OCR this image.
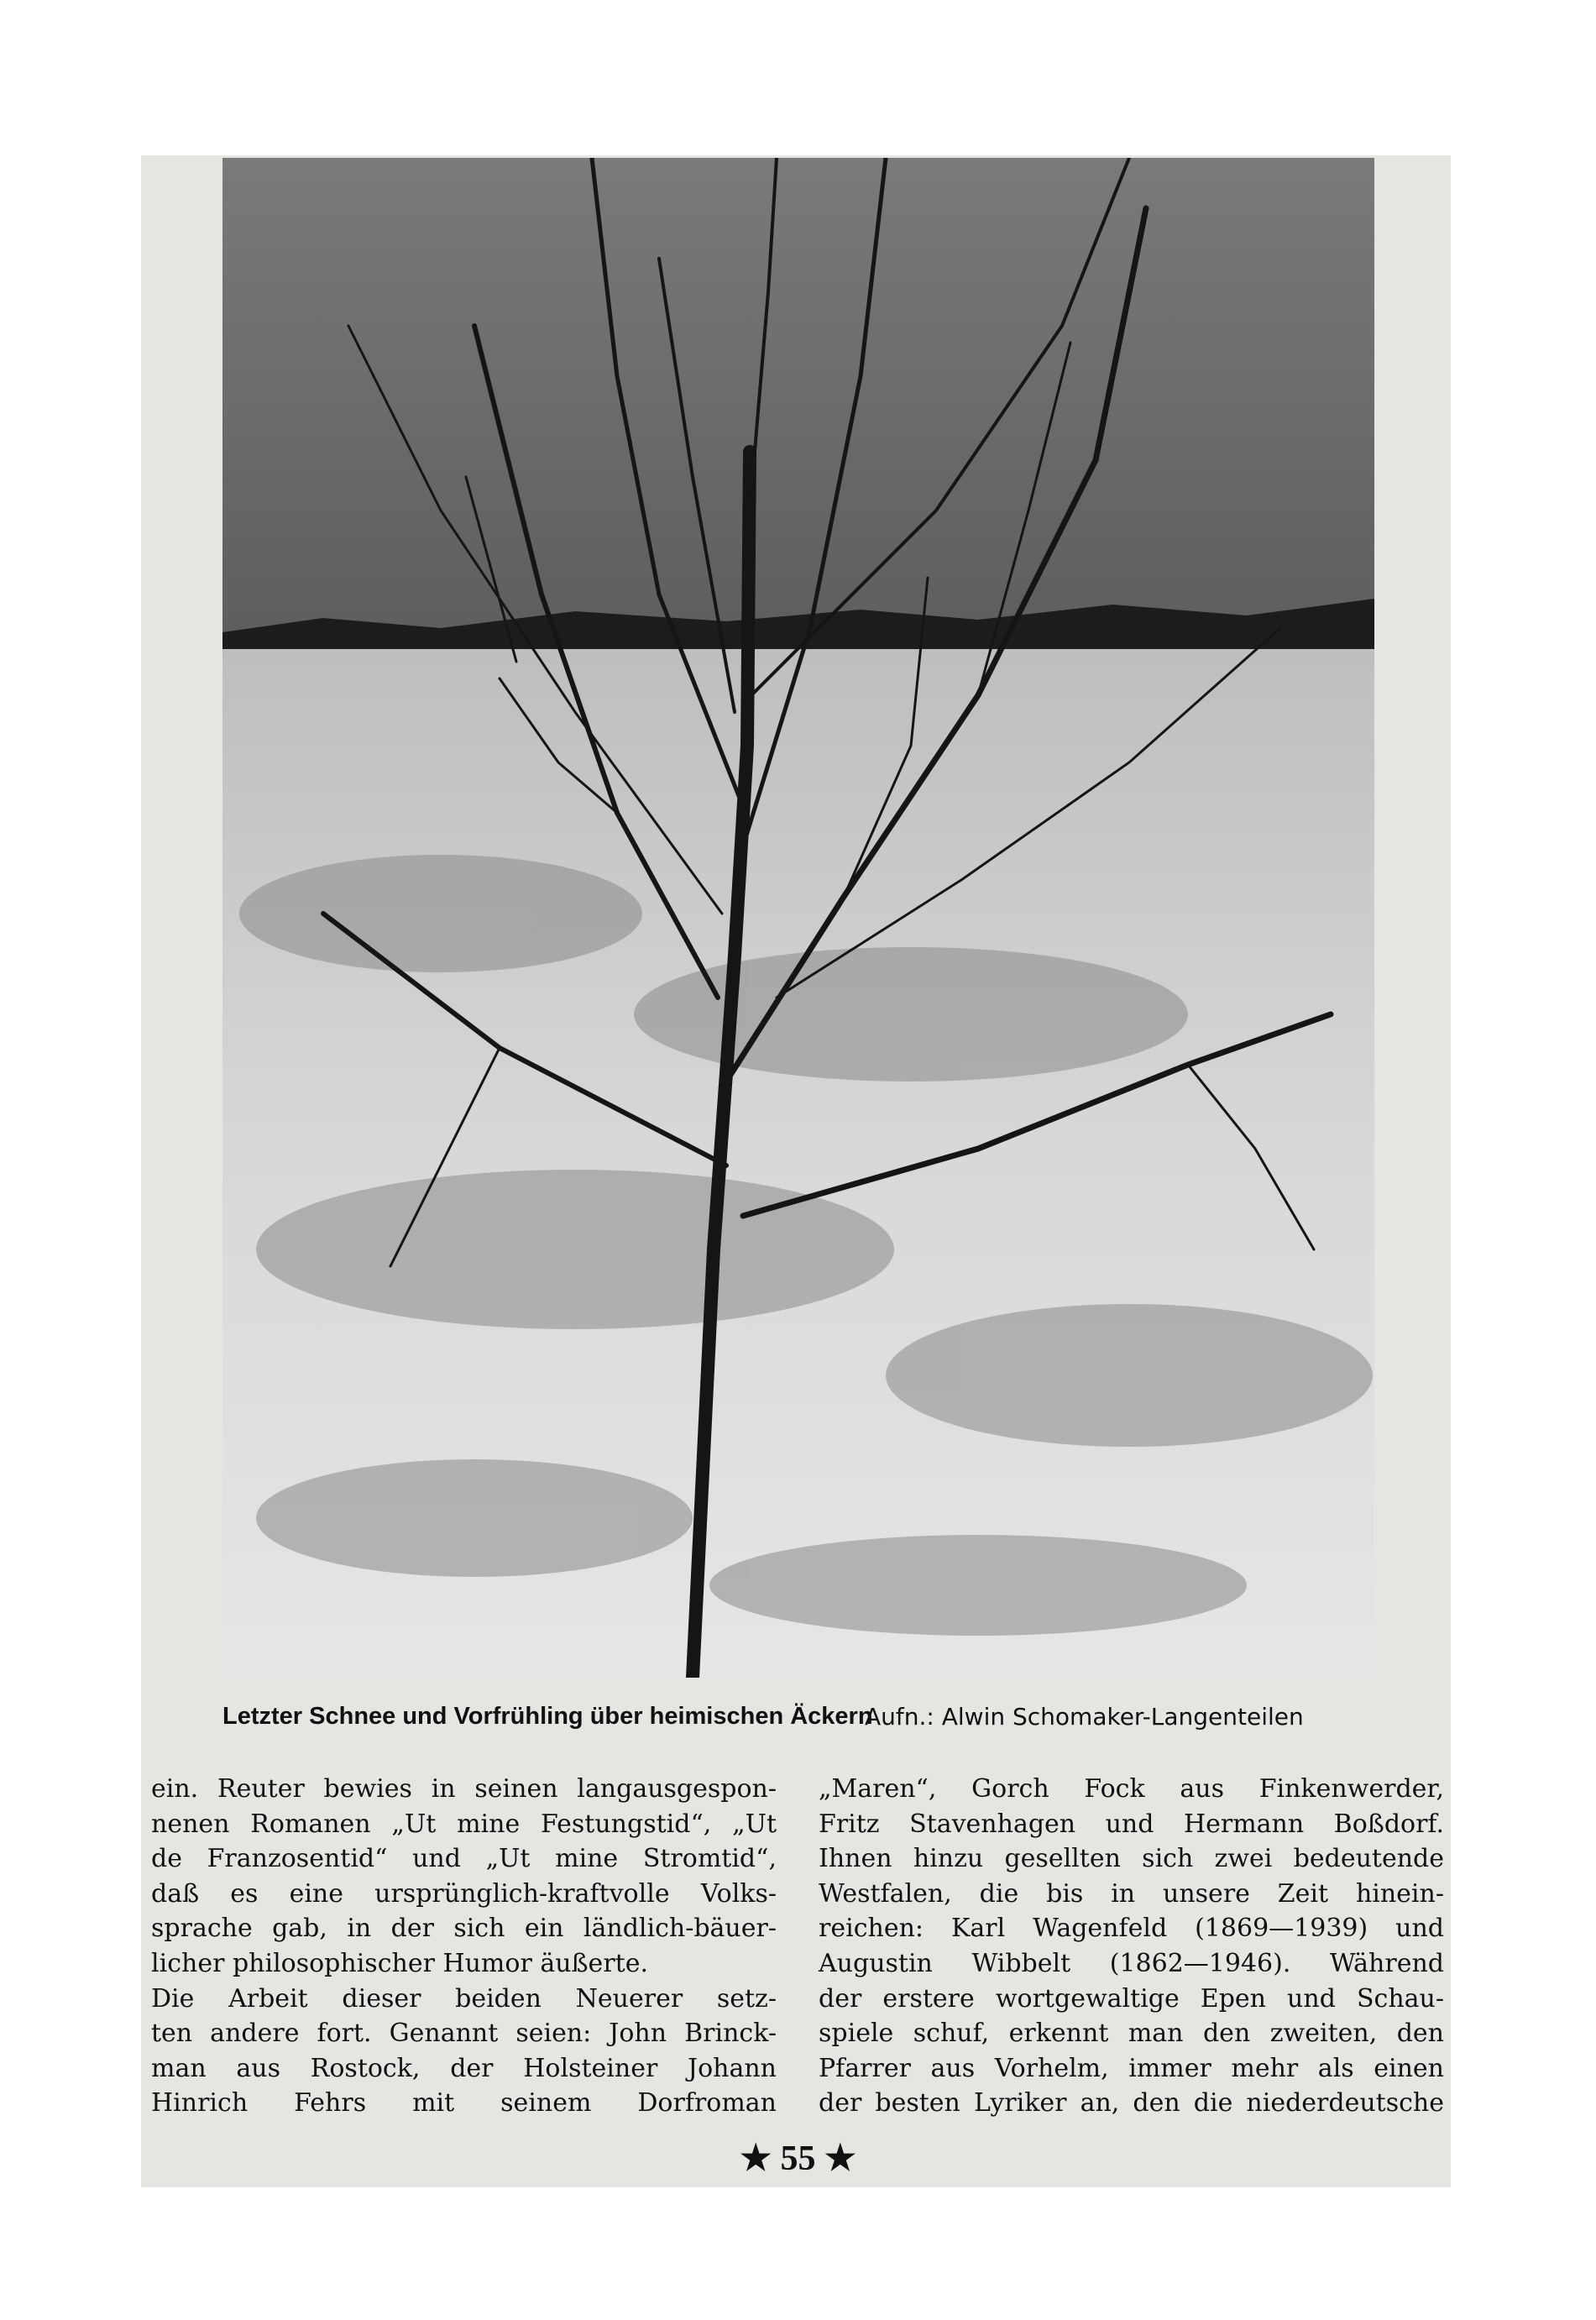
Letzter Schnee und Vorfrühling über heimischen Äckern
Aufn.: Alwin Schomaker-Langenteilen

ein. Reuter bewies in seinen langausgespon-

nenen Romanen „Ut mine Festungstid“, „Ut

de Franzosentid“ und „Ut mine Stromtid“,

daß es eine ursprünglich-kraftvolle Volks-

sprache gab, in der sich ein ländlich-bäuer-

licher philosophischer Humor äußerte.

Die Arbeit dieser beiden Neuerer setz-

ten andere fort. Genannt seien: John Brinck-

man aus Rostock, der Holsteiner Johann

Hinrich Fehrs mit seinem Dorfroman

„Maren“, Gorch Fock aus Finkenwerder,

Fritz Stavenhagen und Hermann Boßdorf.

Ihnen hinzu gesellten sich zwei bedeutende

Westfalen, die bis in unsere Zeit hinein-

reichen: Karl Wagenfeld (1869—1939) und

Augustin Wibbelt (1862—1946). Während

der erstere wortgewaltige Epen und Schau-

spiele schuf, erkennt man den zweiten, den

Pfarrer aus Vorhelm, immer mehr als einen

der besten Lyriker an, den die niederdeutsche

★ 55 ★
